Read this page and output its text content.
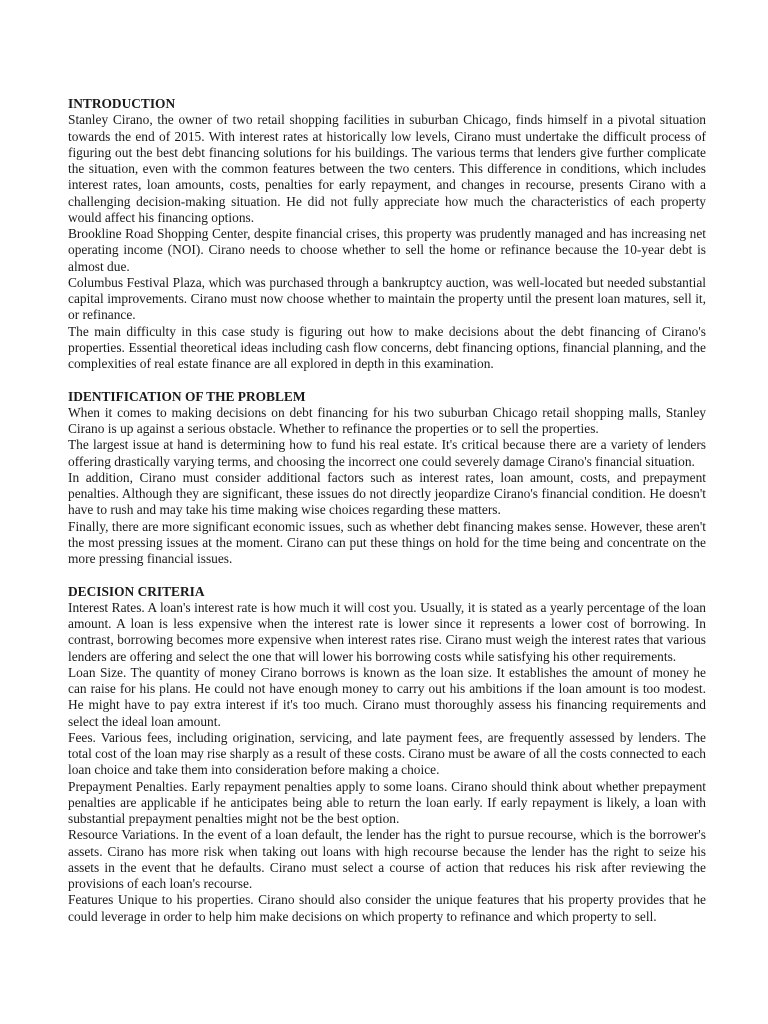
INTRODUCTION

Stanley Cirano, the owner of two retail shopping facilities in suburban Chicago, finds himself in a pivotal situation towards the end of 2015. With interest rates at historically low levels, Cirano must undertake the difficult process of figuring out the best debt financing solutions for his buildings. The various terms that lenders give further complicate the situation, even with the common features between the two centers. This difference in conditions, which includes interest rates, loan amounts, costs, penalties for early repayment, and changes in recourse, presents Cirano with a challenging decision-making situation. He did not fully appreciate how much the characteristics of each property would affect his financing options.

Brookline Road Shopping Center, despite financial crises, this property was prudently managed and has increasing net operating income (NOI). Cirano needs to choose whether to sell the home or refinance because the 10-year debt is almost due.

Columbus Festival Plaza, which was purchased through a bankruptcy auction, was well-located but needed substantial capital improvements. Cirano must now choose whether to maintain the property until the present loan matures, sell it, or refinance.

The main difficulty in this case study is figuring out how to make decisions about the debt financing of Cirano's properties. Essential theoretical ideas including cash flow concerns, debt financing options, financial planning, and the complexities of real estate finance are all explored in depth in this examination.

IDENTIFICATION OF THE PROBLEM

When it comes to making decisions on debt financing for his two suburban Chicago retail shopping malls, Stanley Cirano is up against a serious obstacle. Whether to refinance the properties or to sell the properties.

The largest issue at hand is determining how to fund his real estate. It's critical because there are a variety of lenders offering drastically varying terms, and choosing the incorrect one could severely damage Cirano's financial situation.

In addition, Cirano must consider additional factors such as interest rates, loan amount, costs, and prepayment penalties. Although they are significant, these issues do not directly jeopardize Cirano's financial condition. He doesn't have to rush and may take his time making wise choices regarding these matters.

Finally, there are more significant economic issues, such as whether debt financing makes sense. However, these aren't the most pressing issues at the moment. Cirano can put these things on hold for the time being and concentrate on the more pressing financial issues.

DECISION CRITERIA

Interest Rates. A loan's interest rate is how much it will cost you. Usually, it is stated as a yearly percentage of the loan amount. A loan is less expensive when the interest rate is lower since it represents a lower cost of borrowing. In contrast, borrowing becomes more expensive when interest rates rise. Cirano must weigh the interest rates that various lenders are offering and select the one that will lower his borrowing costs while satisfying his other requirements.

Loan Size. The quantity of money Cirano borrows is known as the loan size. It establishes the amount of money he can raise for his plans. He could not have enough money to carry out his ambitions if the loan amount is too modest. He might have to pay extra interest if it's too much. Cirano must thoroughly assess his financing requirements and select the ideal loan amount.

Fees. Various fees, including origination, servicing, and late payment fees, are frequently assessed by lenders. The total cost of the loan may rise sharply as a result of these costs. Cirano must be aware of all the costs connected to each loan choice and take them into consideration before making a choice.

Prepayment Penalties. Early repayment penalties apply to some loans. Cirano should think about whether prepayment penalties are applicable if he anticipates being able to return the loan early. If early repayment is likely, a loan with substantial prepayment penalties might not be the best option.

Resource Variations. In the event of a loan default, the lender has the right to pursue recourse, which is the borrower's assets. Cirano has more risk when taking out loans with high recourse because the lender has the right to seize his assets in the event that he defaults. Cirano must select a course of action that reduces his risk after reviewing the provisions of each loan's recourse.

Features Unique to his properties. Cirano should also consider the unique features that his property provides that he could leverage in order to help him make decisions on which property to refinance and which property to sell.
